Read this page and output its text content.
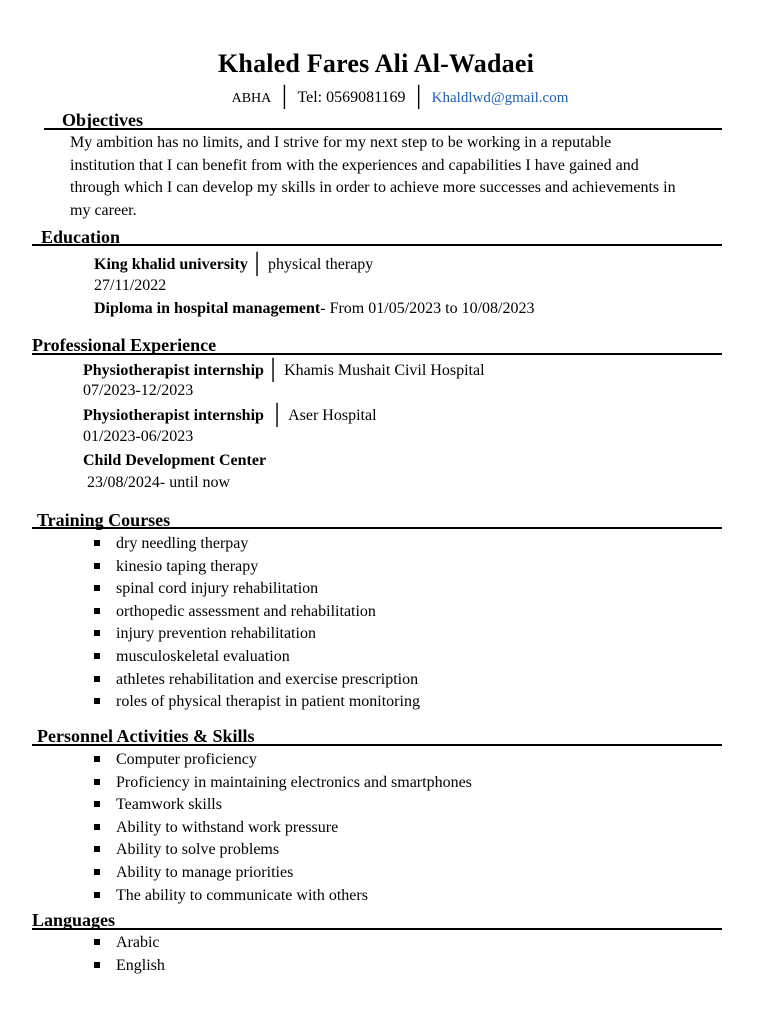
Khaled Fares Ali Al-Wadaei
ABHA │ Tel: 0569081169 │ Khaldlwd@gmail.com
Objectives
My ambition has no limits, and I strive for my next step to be working in a reputable institution that I can benefit from with the experiences and capabilities I have gained and through which I can develop my skills in order to achieve more successes and achievements in my career.
Education
King khalid university │ physical therapy
27/11/2022
Diploma in hospital management- From 01/05/2023 to 10/08/2023
Professional Experience
Physiotherapist internship │ Khamis Mushait Civil Hospital
07/2023-12/2023
Physiotherapist internship │ Aser Hospital
01/2023-06/2023
Child Development Center
23/08/2024- until now
Training Courses
dry needling therpay
kinesio taping therapy
spinal cord injury rehabilitation
orthopedic assessment and rehabilitation
injury prevention rehabilitation
musculoskeletal evaluation
athletes rehabilitation and exercise prescription
roles of physical therapist in patient monitoring
Personnel Activities & Skills
Computer proficiency
Proficiency in maintaining electronics and smartphones
Teamwork skills
Ability to withstand work pressure
Ability to solve problems
Ability to manage priorities
The ability to communicate with others
Languages
Arabic
English
